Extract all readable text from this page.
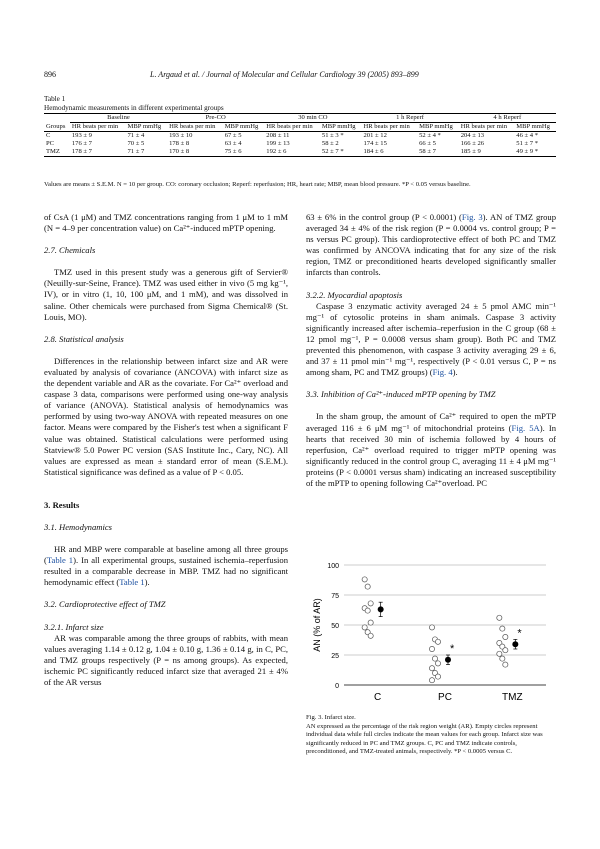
896	L. Argaud et al. / Journal of Molecular and Cellular Cardiology 39 (2005) 893–899
Table 1
Hemodynamic measurements in different experimental groups
	Baseline		Pre-CO		30 min CO		1 h Reperf		4 h Reperf	
Groups	HR beats per min	MBP mmHg	HR beats per min	MBP mmHg	HR beats per min	MBP mmHg	HR beats per min	MBP mmHg	HR beats per min	MBP mmHg
C	193 ± 9	71 ± 4	193 ± 10	67 ± 5	208 ± 11	51 ± 3 *	201 ± 12	52 ± 4 *	204 ± 13	46 ± 4 *
PC	176 ± 7	70 ± 5	178 ± 8	63 ± 4	199 ± 13	58 ± 2	174 ± 15	66 ± 5	166 ± 26	51 ± 7 *
TMZ	178 ± 7	71 ± 7	170 ± 8	75 ± 6	192 ± 6	52 ± 7 *	184 ± 6	58 ± 7	185 ± 9	49 ± 9 *
Values are means ± S.E.M. N = 10 per group. CO: coronary occlusion; Reperf: reperfusion; HR, heart rate; MBP, mean blood pressure. *P < 0.05 versus baseline.

of CsA (1 μM) and TMZ concentrations ranging from 1 μM to 1 mM (N = 4–9 per concentration value) on Ca²⁺-induced mPTP opening.

2.7. Chemicals

TMZ used in this present study was a generous gift of Servier® (Neuilly-sur-Seine, France). TMZ was used either in vivo (5 mg kg⁻¹, IV), or in vitro (1, 10, 100 μM, and 1 mM), and was dissolved in saline. Other chemicals were purchased from Sigma Chemical® (St. Louis, MO).

2.8. Statistical analysis

Differences in the relationship between infarct size and AR were evaluated by analysis of covariance (ANCOVA) with infarct size as the dependent variable and AR as the covariate. For Ca²⁺ overload and caspase 3 data, comparisons were performed using one-way analysis of variance (ANOVA). Statistical analysis of hemodynamics was performed by using two-way ANOVA with repeated measures on one factor. Means were compared by the Fisher's test when a significant F value was obtained. Statistical calculations were performed using Statview® 5.0 Power PC version (SAS Institute Inc., Cary, NC). All values are expressed as mean ± standard error of mean (S.E.M.). Statistical significance was defined as a value of P < 0.05.

3. Results

3.1. Hemodynamics

HR and MBP were comparable at baseline among all three groups (Table 1). In all experimental groups, sustained ischemia–reperfusion resulted in a comparable decrease in MBP. TMZ had no significant hemodynamic effect (Table 1).

3.2. Cardioprotective effect of TMZ

3.2.1. Infarct size

AR was comparable among the three groups of rabbits, with mean values averaging 1.14 ± 0.12 g, 1.04 ± 0.10 g, 1.36 ± 0.14 g, in C, PC, and TMZ groups respectively (P = ns among groups). As expected, ischemic PC significantly reduced infarct size that averaged 21 ± 4% of the AR versus

63 ± 6% in the control group (P < 0.0001) (Fig. 3). AN of TMZ group averaged 34 ± 4% of the risk region (P = 0.0004 vs. control group; P = ns versus PC group). This cardioprotective effect of both PC and TMZ was confirmed by ANCOVA indicating that for any size of the risk region, TMZ or preconditioned hearts developed significantly smaller infarcts than controls.

3.2.2. Myocardial apoptosis

Caspase 3 enzymatic activity averaged 24 ± 5 pmol AMC min⁻¹ mg⁻¹ of cytosolic proteins in sham animals. Caspase 3 activity significantly increased after ischemia–reperfusion in the C group (68 ± 12 pmol mg⁻¹, P = 0.0008 versus sham group). Both PC and TMZ prevented this phenomenon, with caspase 3 activity averaging 29 ± 6, and 37 ± 11 pmol min⁻¹ mg⁻¹, respectively (P < 0.01 versus C, P = ns among sham, PC and TMZ groups) (Fig. 4).

3.3. Inhibition of Ca²⁺-induced mPTP opening by TMZ

In the sham group, the amount of Ca²⁺ required to open the mPTP averaged 116 ± 6 μM mg⁻¹ of mitochondrial proteins (Fig. 5A). In hearts that received 30 min of ischemia followed by 4 hours of reperfusion, Ca²⁺ overload required to trigger mPTP opening was significantly reduced in the control group C, averaging 11 ± 4 μM mg⁻¹ proteins (P < 0.0001 versus sham) indicating an increased susceptibility of the mPTP to opening following Ca²⁺overload. PC

0
25
50
75
100
AN (% of AR)
C	PC	TMZ
*
*

Fig. 3. Infarct size.

AN expressed as the percentage of the risk region weight (AR). Empty circles represent individual data while full circles indicate the mean values for each group. Infarct size was significantly reduced in PC and TMZ groups. C, PC and TMZ indicate controls, preconditioned, and TMZ-treated animals, respectively. *P < 0.0005 versus C.
